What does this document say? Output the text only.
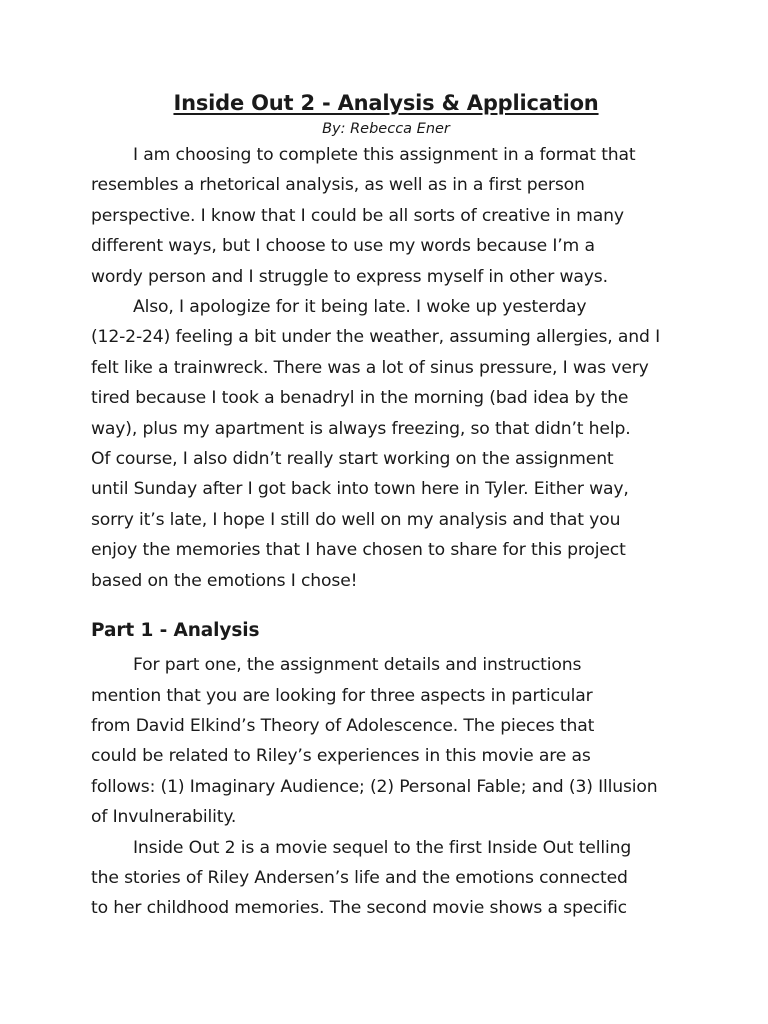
Inside Out 2 - Analysis & Application

By: Rebecca Ener

I am choosing to complete this assignment in a format that
resembles a rhetorical analysis, as well as in a first person
perspective. I know that I could be all sorts of creative in many
different ways, but I choose to use my words because I’m a
wordy person and I struggle to express myself in other ways.

Also, I apologize for it being late. I woke up yesterday
(12-2-24) feeling a bit under the weather, assuming allergies, and I
felt like a trainwreck. There was a lot of sinus pressure, I was very
tired because I took a benadryl in the morning (bad idea by the
way), plus my apartment is always freezing, so that didn’t help.
Of course, I also didn’t really start working on the assignment
until Sunday after I got back into town here in Tyler. Either way,
sorry it’s late, I hope I still do well on my analysis and that you
enjoy the memories that I have chosen to share for this project
based on the emotions I chose!

Part 1 - Analysis

For part one, the assignment details and instructions
mention that you are looking for three aspects in particular
from David Elkind’s Theory of Adolescence. The pieces that
could be related to Riley’s experiences in this movie are as
follows: (1) Imaginary Audience; (2) Personal Fable; and (3) Illusion
of Invulnerability.

Inside Out 2 is a movie sequel to the first Inside Out telling
the stories of Riley Andersen’s life and the emotions connected
to her childhood memories. The second movie shows a specific
